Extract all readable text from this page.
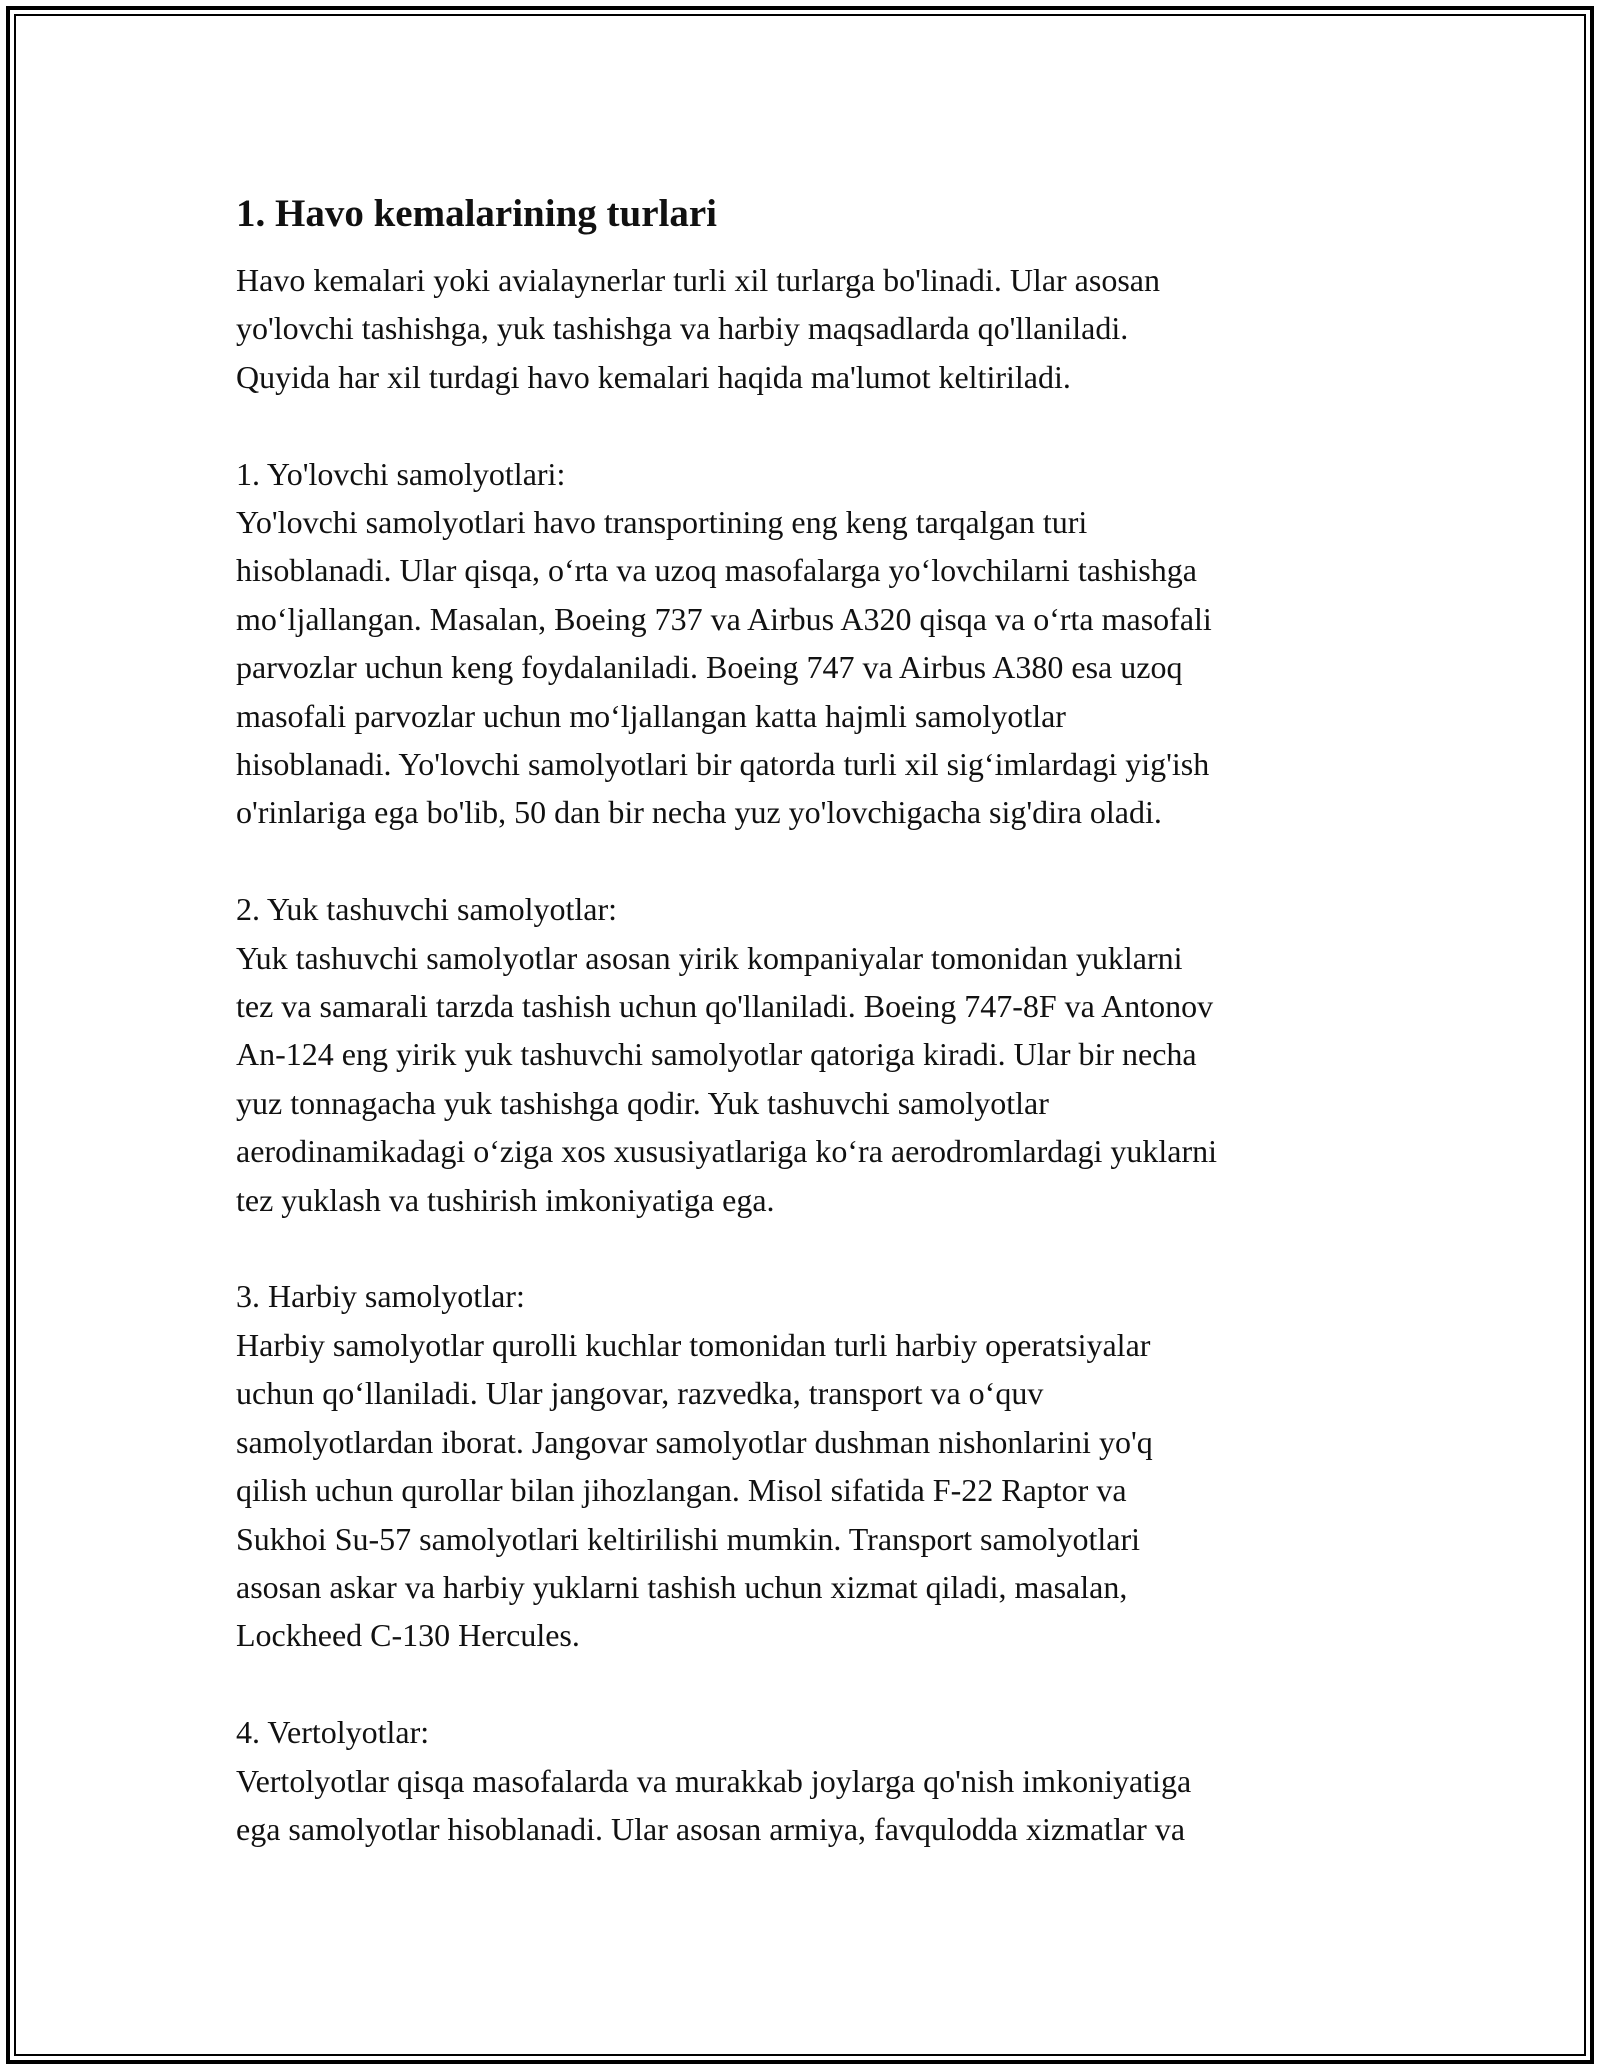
1. Havo kemalarining turlari
Havo kemalari yoki avialaynerlar turli xil turlarga bo'linadi. Ular asosan
yo'lovchi tashishga, yuk tashishga va harbiy maqsadlarda qo'llaniladi.
Quyida har xil turdagi havo kemalari haqida ma'lumot keltiriladi.
1. Yo'lovchi samolyotlari:
Yo'lovchi samolyotlari havo transportining eng keng tarqalgan turi
hisoblanadi. Ular qisqa, o‘rta va uzoq masofalarga yo‘lovchilarni tashishga
mo‘ljallangan. Masalan, Boeing 737 va Airbus A320 qisqa va o‘rta masofali
parvozlar uchun keng foydalaniladi. Boeing 747 va Airbus A380 esa uzoq
masofali parvozlar uchun mo‘ljallangan katta hajmli samolyotlar
hisoblanadi. Yo'lovchi samolyotlari bir qatorda turli xil sig‘imlardagi yig'ish
o'rinlariga ega bo'lib, 50 dan bir necha yuz yo'lovchigacha sig'dira oladi.
2. Yuk tashuvchi samolyotlar:
Yuk tashuvchi samolyotlar asosan yirik kompaniyalar tomonidan yuklarni
tez va samarali tarzda tashish uchun qo'llaniladi. Boeing 747-8F va Antonov
An-124 eng yirik yuk tashuvchi samolyotlar qatoriga kiradi. Ular bir necha
yuz tonnagacha yuk tashishga qodir. Yuk tashuvchi samolyotlar
aerodinamikadagi o‘ziga xos xususiyatlariga ko‘ra aerodromlardagi yuklarni
tez yuklash va tushirish imkoniyatiga ega.
3. Harbiy samolyotlar:
Harbiy samolyotlar qurolli kuchlar tomonidan turli harbiy operatsiyalar
uchun qo‘llaniladi. Ular jangovar, razvedka, transport va o‘quv
samolyotlardan iborat. Jangovar samolyotlar dushman nishonlarini yo'q
qilish uchun qurollar bilan jihozlangan. Misol sifatida F-22 Raptor va
Sukhoi Su-57 samolyotlari keltirilishi mumkin. Transport samolyotlari
asosan askar va harbiy yuklarni tashish uchun xizmat qiladi, masalan,
Lockheed C-130 Hercules.
4. Vertolyotlar:
Vertolyotlar qisqa masofalarda va murakkab joylarga qo'nish imkoniyatiga
ega samolyotlar hisoblanadi. Ular asosan armiya, favqulodda xizmatlar va
